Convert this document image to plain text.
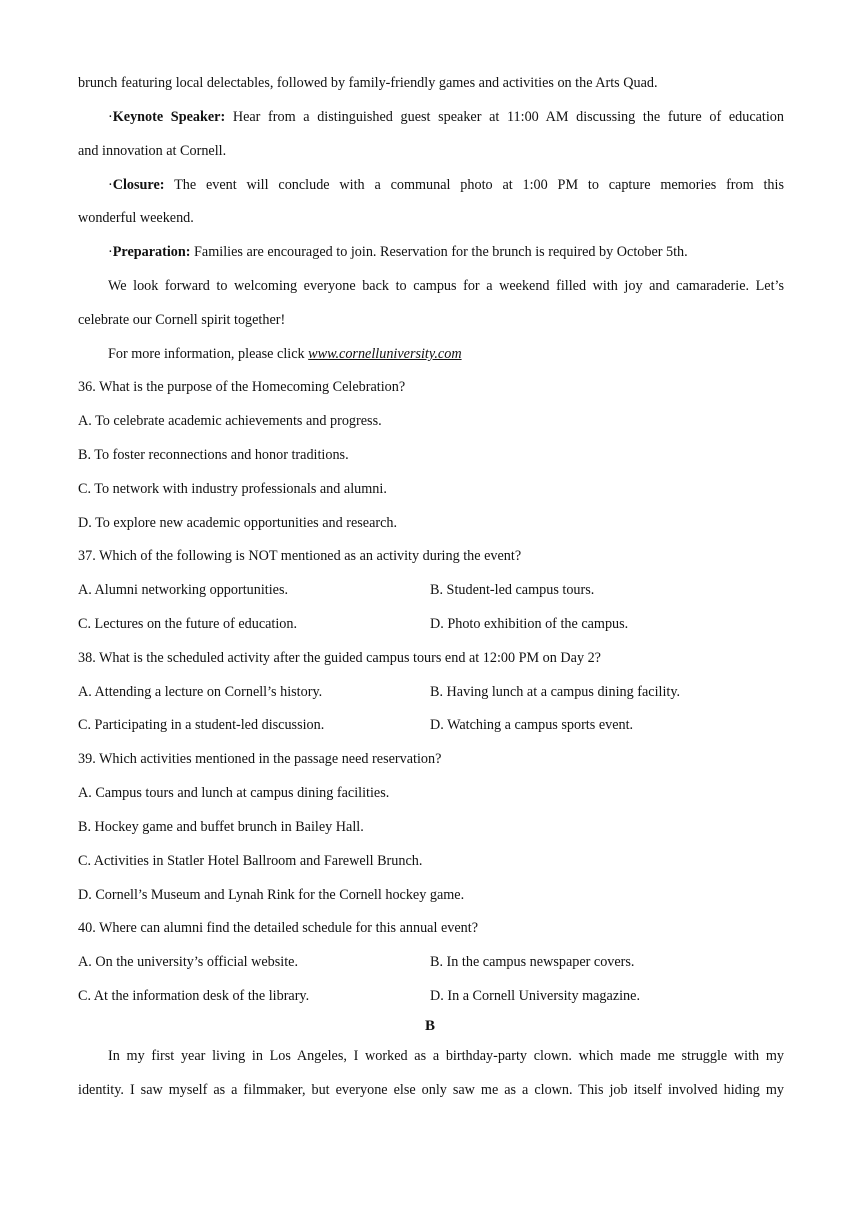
brunch featuring local delectables, followed by family-friendly games and activities on the Arts Quad.
·Keynote Speaker: Hear from a distinguished guest speaker at 11:00 AM discussing the future of education
and innovation at Cornell.
·Closure: The event will conclude with a communal photo at 1:00 PM to capture memories from this
wonderful weekend.
·Preparation: Families are encouraged to join. Reservation for the brunch is required by October 5th.
We look forward to welcoming everyone back to campus for a weekend filled with joy and camaraderie. Let’s
celebrate our Cornell spirit together!
For more information, please click www.cornelluniversity.com
36. What is the purpose of the Homecoming Celebration?
A. To celebrate academic achievements and progress.
B. To foster reconnections and honor traditions.
C. To network with industry professionals and alumni.
D. To explore new academic opportunities and research.
37. Which of the following is NOT mentioned as an activity during the event?
A. Alumni networking opportunities.	B. Student-led campus tours.
C. Lectures on the future of education.	D. Photo exhibition of the campus.
38. What is the scheduled activity after the guided campus tours end at 12:00 PM on Day 2?
A. Attending a lecture on Cornell’s history.	B. Having lunch at a campus dining facility.
C. Participating in a student-led discussion.	D. Watching a campus sports event.
39. Which activities mentioned in the passage need reservation?
A. Campus tours and lunch at campus dining facilities.
B. Hockey game and buffet brunch in Bailey Hall.
C. Activities in Statler Hotel Ballroom and Farewell Brunch.
D. Cornell’s Museum and Lynah Rink for the Cornell hockey game.
40. Where can alumni find the detailed schedule for this annual event?
A. On the university’s official website.	B. In the campus newspaper covers.
C. At the information desk of the library.	D. In a Cornell University magazine.
B
In my first year living in Los Angeles, I worked as a birthday-party clown. which made me struggle with my
identity. I saw myself as a filmmaker, but everyone else only saw me as a clown. This job itself involved hiding my
